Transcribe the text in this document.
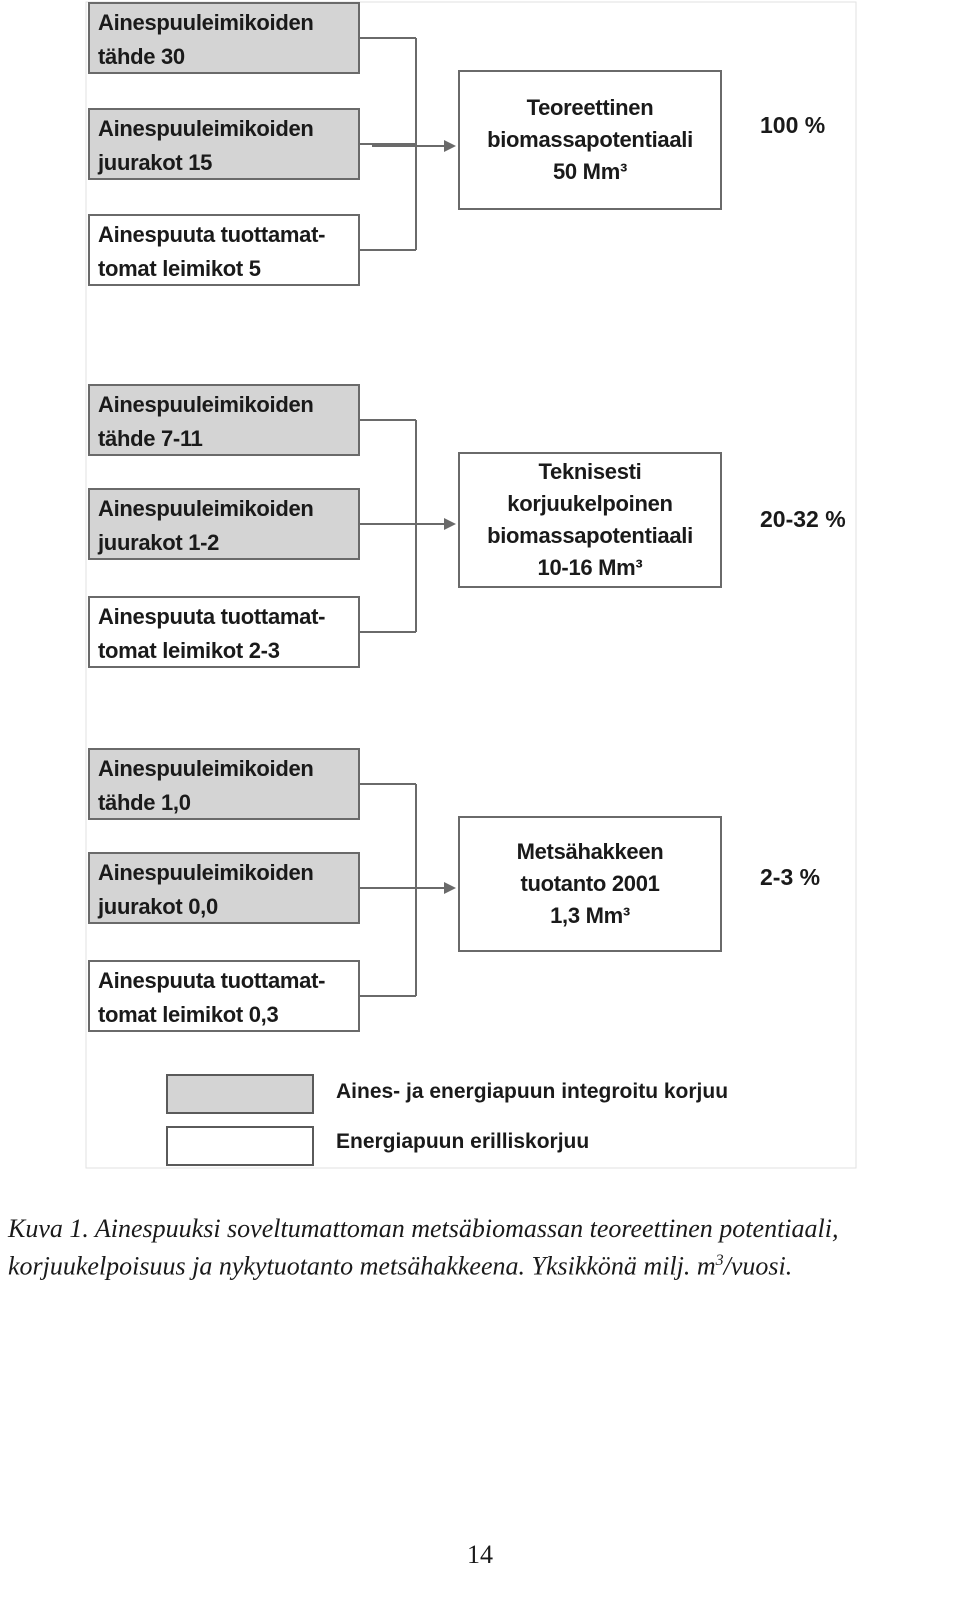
Ainespuuleimikoiden
tähde 30
Ainespuuleimikoiden
juurakot 15
Ainespuuta tuottamat-
tomat leimikot 5
Teoreettinen
biomassapotentiaali
50 Mm³
100 %
Ainespuuleimikoiden
tähde 7-11
Ainespuuleimikoiden
juurakot 1-2
Ainespuuta tuottamat-
tomat leimikot 2-3
Teknisesti
korjuukelpoinen
biomassapotentiaali
10-16 Mm³
20-32 %
Ainespuuleimikoiden
tähde 1,0
Ainespuuleimikoiden
juurakot 0,0
Ainespuuta tuottamat-
tomat leimikot 0,3
Metsähakkeen
tuotanto 2001
1,3 Mm³
2-3 %
Aines- ja energiapuun integroitu korjuu
Energiapuun erilliskorjuu

Kuva 1. Ainespuuksi soveltumattoman metsäbiomassan teoreettinen potentiaali, korjuukelpoisuus ja nykytuotanto metsähakkeena. Yksikkönä milj. $m^3$/vuosi.

14
